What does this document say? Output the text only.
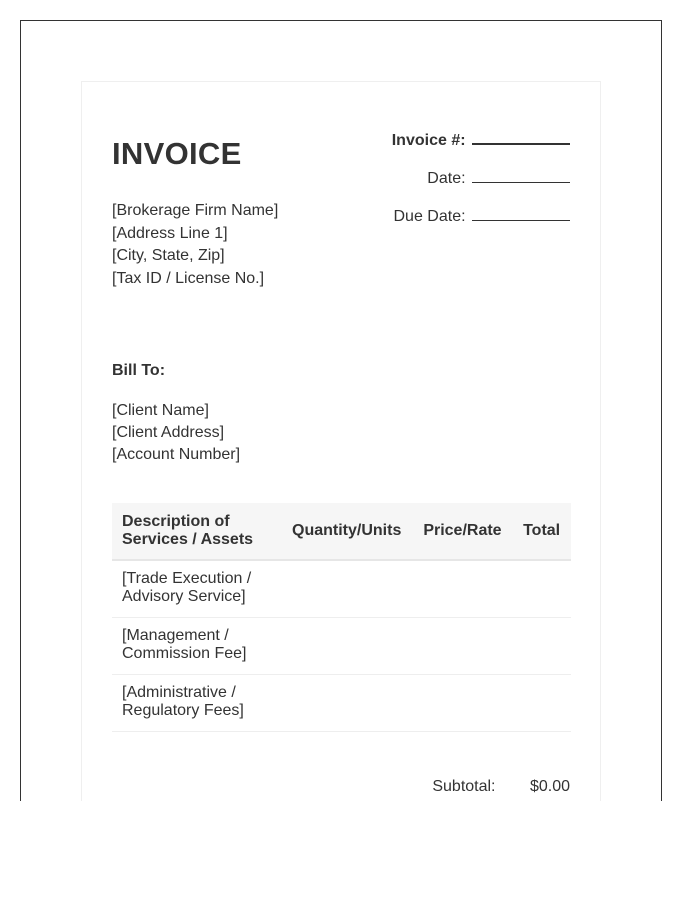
INVOICE
[Brokerage Firm Name]
[Address Line 1]
[City, State, Zip]
[Tax ID / License No.]
Invoice #:
Date:
Due Date:
Bill To:
[Client Name]
[Client Address]
[Account Number]
Description of Services / Assets	Quantity/Units	Price/Rate	Total
[Trade Execution / Advisory Service]			
[Management / Commission Fee]			
[Administrative / Regulatory Fees]			
Subtotal: $0.00
